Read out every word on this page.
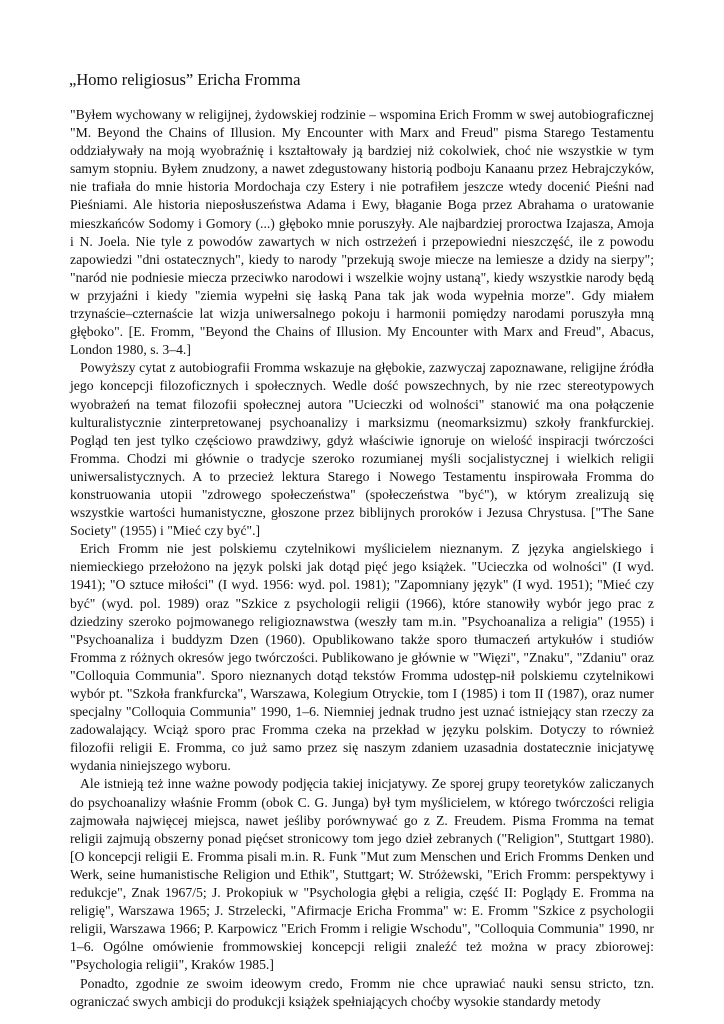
„Homo religiosus” Ericha Fromma

"Byłem wychowany w religijnej, żydowskiej rodzinie – wspomina Erich Fromm w swej autobiograficznej "M. Beyond the Chains of Illusion. My Encounter with Marx and Freud" pisma Starego Testamentu oddziaływały na moją wyobraźnię i kształtowały ją bardziej niż cokolwiek, choć nie wszystkie w tym samym stopniu. Byłem znudzony, a nawet zdegustowany historią podboju Kanaanu przez Hebrajczyków, nie trafiała do mnie historia Mordochaja czy Estery i nie potrafiłem jeszcze wtedy docenić Pieśni nad Pieśniami. Ale historia nieposłuszeństwa Adama i Ewy, błaganie Boga przez Abrahama o uratowanie mieszkańców Sodomy i Gomory (...) głęboko mnie poruszyły. Ale najbardziej proroctwa Izajasza, Amoja i N. Joela. Nie tyle z powodów zawartych w nich ostrzeżeń i przepowiedni nieszczęść, ile z powodu zapowiedzi "dni ostatecznych", kiedy to narody "przekują swoje miecze na lemiesze a dzidy na sierpy"; "naród nie podniesie miecza przeciwko narodowi i wszelkie wojny ustaną", kiedy wszystkie narody będą w przyjaźni i kiedy "ziemia wypełni się łaską Pana tak jak woda wypełnia morze". Gdy miałem trzynaście–czternaście lat wizja uniwersalnego pokoju i harmonii pomiędzy narodami poruszyła mną głęboko". [E. Fromm, "Beyond the Chains of Illusion. My Encounter with Marx and Freud", Abacus, London 1980, s. 3–4.]

Powyższy cytat z autobiografii Fromma wskazuje na głębokie, zazwyczaj zapoznawane, religijne źródła jego koncepcji filozoficznych i społecznych. Wedle dość powszechnych, by nie rzec stereotypowych wyobrażeń na temat filozofii społecznej autora "Ucieczki od wolności" stanowić ma ona połączenie kulturalistycznie zinterpretowanej psychoanalizy i marksizmu (neomarksizmu) szkoły frankfurckiej. Pogląd ten jest tylko częściowo prawdziwy, gdyż właściwie ignoruje on wielość inspiracji twórczości Fromma. Chodzi mi głównie o tradycje szeroko rozumianej myśli socjalistycznej i wielkich religii uniwersalistycznych. A to przecież lektura Starego i Nowego Testamentu inspirowała Fromma do konstruowania utopii "zdrowego społeczeństwa" (społeczeństwa "być"), w którym zrealizują się wszystkie wartości humanistyczne, głoszone przez biblijnych proroków i Jezusa Chrystusa. ["The Sane Society" (1955) i "Mieć czy być".]

Erich Fromm nie jest polskiemu czytelnikowi myślicielem nieznanym. Z języka angielskiego i niemieckiego przełożono na język polski jak dotąd pięć jego książek. "Ucieczka od wolności" (I wyd. 1941); "O sztuce miłości" (I wyd. 1956: wyd. pol. 1981); "Zapomniany język" (I wyd. 1951); "Mieć czy być" (wyd. pol. 1989) oraz "Szkice z psychologii religii (1966), które stanowiły wybór jego prac z dziedziny szeroko pojmowanego religioznawstwa (weszły tam m.in. "Psychoanaliza a religia" (1955) i "Psychoanaliza i buddyzm Dzen (1960). Opublikowano także sporo tłumaczeń artykułów i studiów Fromma z różnych okresów jego twórczości. Publikowano je głównie w "Więzi", "Znaku", "Zdaniu" oraz "Colloquia Communia". Sporo nieznanych dotąd tekstów Fromma udostęp-nił polskiemu czytelnikowi wybór pt. "Szkoła frankfurcka", Warszawa, Kolegium Otryckie, tom I (1985) i tom II (1987), oraz numer specjalny "Colloquia Communia" 1990, 1–6. Niemniej jednak trudno jest uznać istniejący stan rzeczy za zadowalający. Wciąż sporo prac Fromma czeka na przekład w języku polskim. Dotyczy to również filozofii religii E. Fromma, co już samo przez się naszym zdaniem uzasadnia dostatecznie inicjatywę wydania niniejszego wyboru.

Ale istnieją też inne ważne powody podjęcia takiej inicjatywy. Ze sporej grupy teoretyków zaliczanych do psychoanalizy właśnie Fromm (obok C. G. Junga) był tym myślicielem, w którego twórczości religia zajmowała najwięcej miejsca, nawet jeśliby porównywać go z Z. Freudem. Pisma Fromma na temat religii zajmują obszerny ponad pięćset stronicowy tom jego dzieł zebranych ("Religion", Stuttgart 1980). [O koncepcji religii E. Fromma pisali m.in. R. Funk "Mut zum Menschen und Erich Fromms Denken und Werk, seine humanistische Religion und Ethik", Stuttgart; W. Stróżewski, "Erich Fromm: perspektywy i redukcje", Znak 1967/5; J. Prokopiuk w "Psychologia głębi a religia, część II: Poglądy E. Fromma na religię", Warszawa 1965; J. Strzelecki, "Afirmacje Ericha Fromma" w: E. Fromm "Szkice z psychologii religii, Warszawa 1966; P. Karpowicz "Erich Fromm i religie Wschodu", "Colloquia Communia" 1990, nr 1–6. Ogólne omówienie frommowskiej koncepcji religii znaleźć też można w pracy zbiorowej: "Psychologia religii", Kraków 1985.]

Ponadto, zgodnie ze swoim ideowym credo, Fromm nie chce uprawiać nauki sensu stricto, tzn. ograniczać swych ambicji do produkcji książek spełniających choćby wysokie standardy metody
